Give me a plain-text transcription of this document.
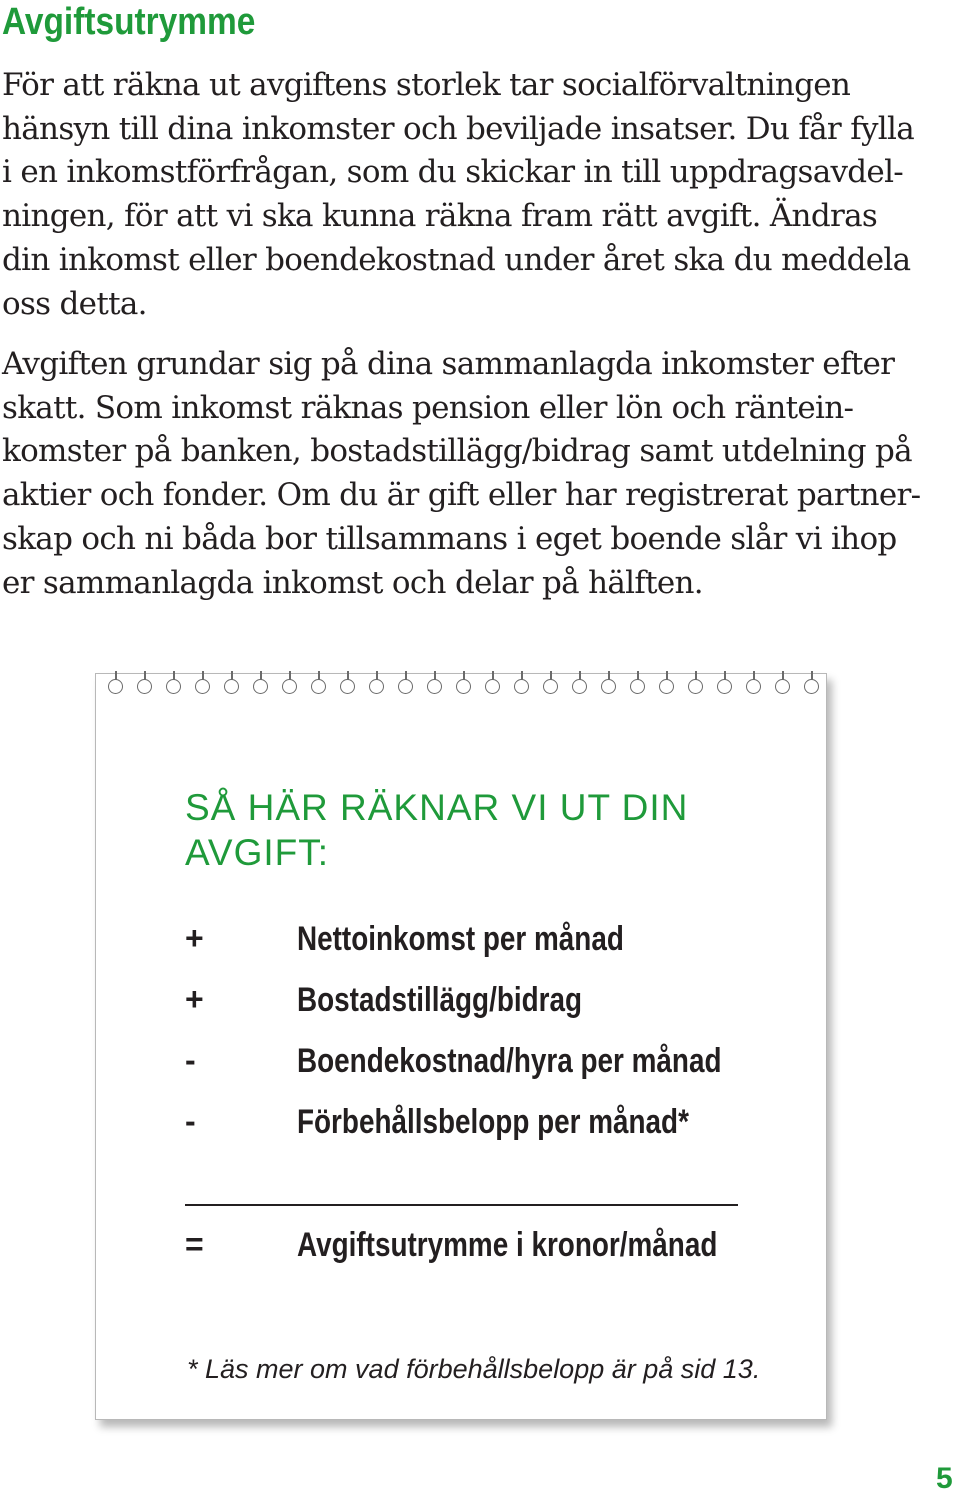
Avgiftsutrymme
För att räkna ut avgiftens storlek tar socialförvaltningen
hänsyn till dina inkomster och beviljade insatser. Du får fylla
i en inkomstförfrågan, som du skickar in till uppdragsavdel-
ningen, för att vi ska kunna räkna fram rätt avgift. Ändras
din inkomst eller boendekostnad under året ska du meddela
oss detta.
Avgiften grundar sig på dina sammanlagda inkomster efter
skatt. Som inkomst räknas pension eller lön och räntein-
komster på banken, bostadstillägg/bidrag samt utdelning på
aktier och fonder. Om du är gift eller har registrerat partner-
skap och ni båda bor tillsammans i eget boende slår vi ihop
er sammanlagda inkomst och delar på hälften.
SÅ HÄR RÄKNAR VI UT DIN
AVGIFT:
+	Nettoinkomst per månad
+	Bostadstillägg/bidrag
-	Boendekostnad/hyra per månad
-	Förbehållsbelopp per månad*
=	Avgiftsutrymme i kronor/månad
* Läs mer om vad förbehållsbelopp är på sid 13.
5
